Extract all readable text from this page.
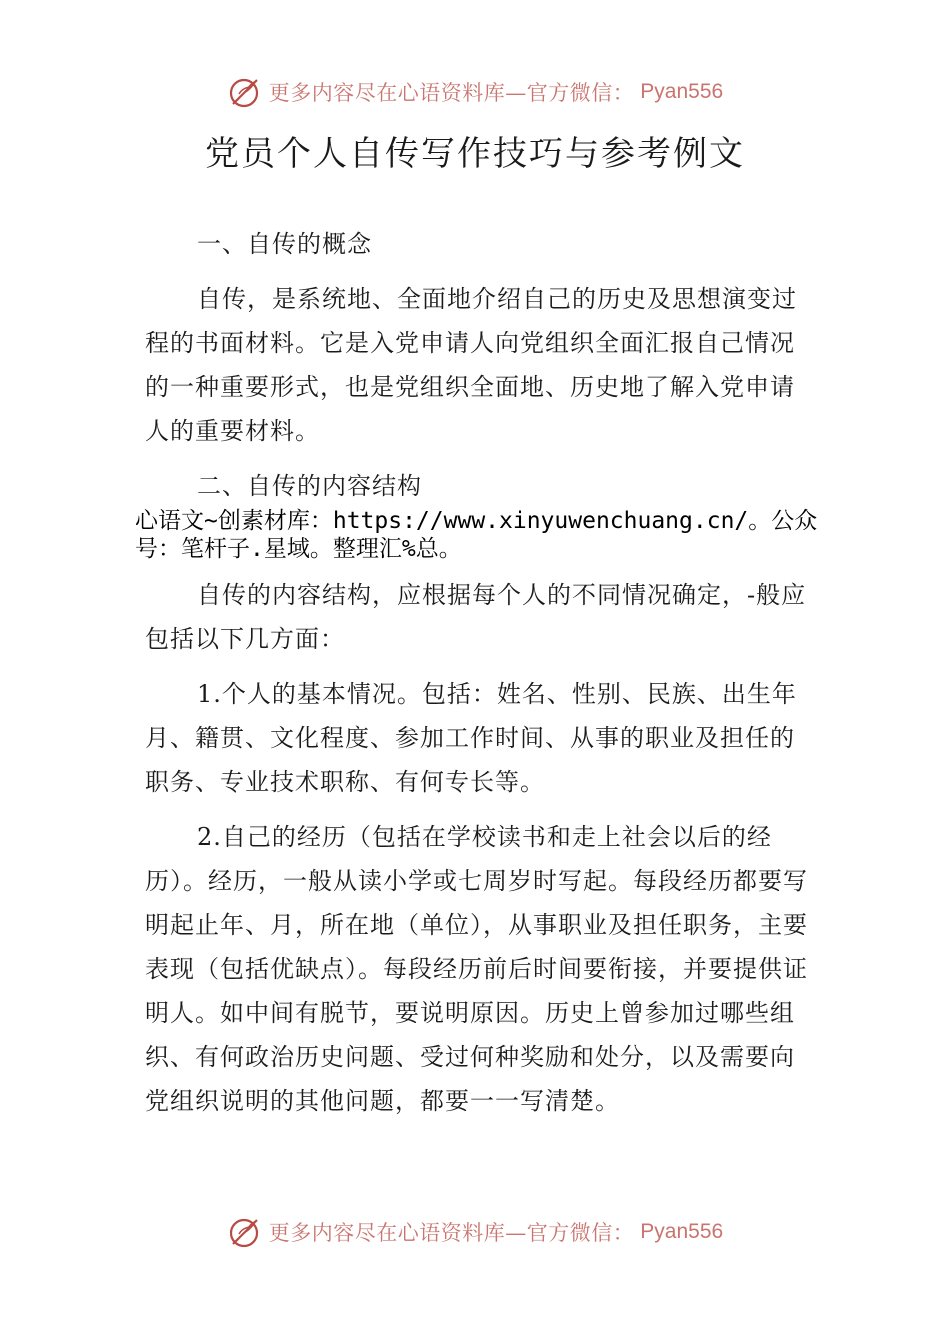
更多内容尽在心语资料库—官方微信： Pyan556
党员个人自传写作技巧与参考例文

一、自传的概念

自传，是系统地、全面地介绍自己的历史及思想演变过程的书面材料。它是入党申请人向党组织全面汇报自己情况的一种重要形式，也是党组织全面地、历史地了解入党申请人的重要材料。

二、自传的内容结构

心语文~创素材库：https://www.xinyuwenchuang.cn/。公众号：笔杆子.星域。整理汇%总。

自传的内容结构，应根据每个人的不同情况确定，-般应包括以下几方面：

1.个人的基本情况。包括：姓名、性别、民族、出生年月、籍贯、文化程度、参加工作时间、从事的职业及担任的职务、专业技术职称、有何专长等。

2.自己的经历（包括在学校读书和走上社会以后的经历）。经历，一般从读小学或七周岁时写起。每段经历都要写明起止年、月，所在地（单位），从事职业及担任职务，主要表现（包括优缺点）。每段经历前后时间要衔接，并要提供证明人。如中间有脱节，要说明原因。历史上曾参加过哪些组织、有何政治历史问题、受过何种奖励和处分，以及需要向党组织说明的其他问题，都要一一写清楚。

更多内容尽在心语资料库—官方微信： Pyan556
